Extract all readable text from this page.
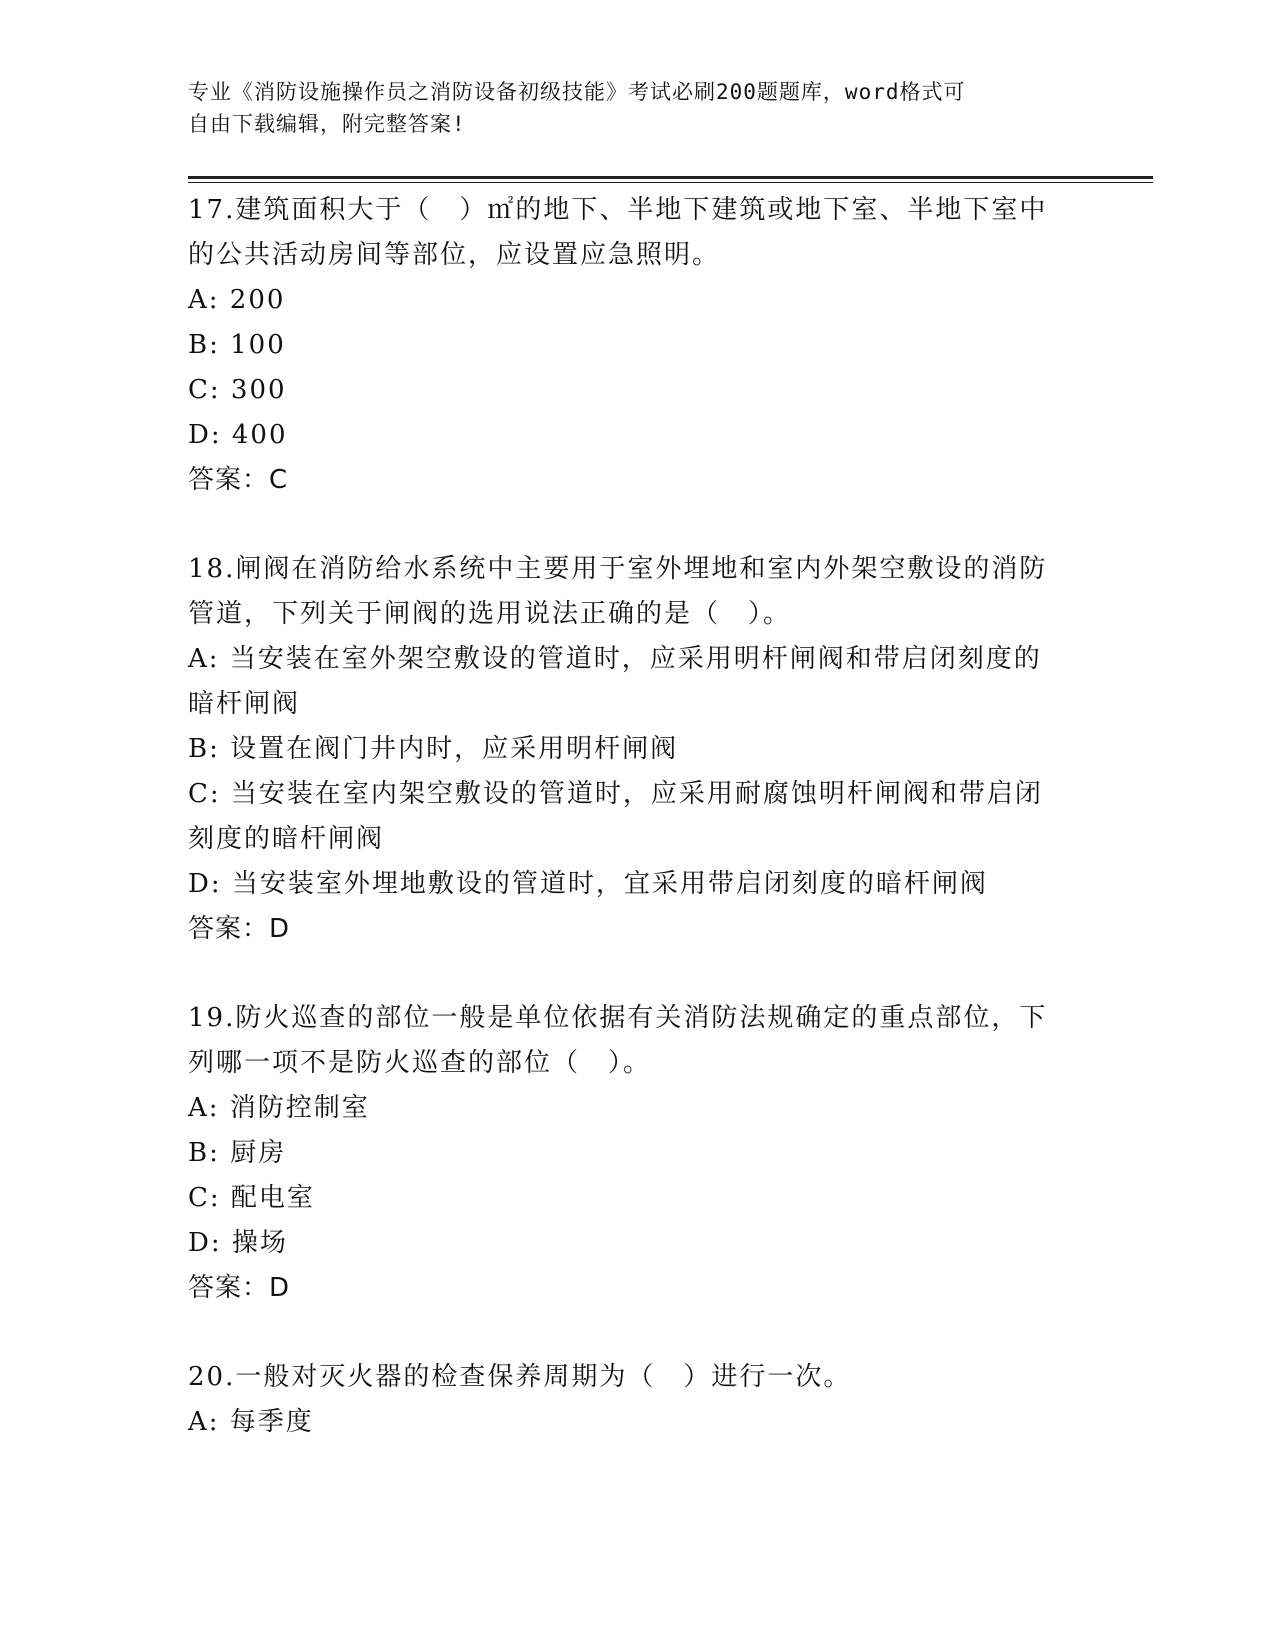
专业《消防设施操作员之消防设备初级技能》考试必刷200题题库，word格式可
自由下载编辑，附完整答案!
17.建筑面积大于（　）㎡的地下、半地下建筑或地下室、半地下室中
的公共活动房间等部位，应设置应急照明。
A: 200
B: 100
C: 300
D: 400
答案：C
18.闸阀在消防给水系统中主要用于室外埋地和室内外架空敷设的消防
管道，下列关于闸阀的选用说法正确的是（　）。
A: 当安装在室外架空敷设的管道时，应采用明杆闸阀和带启闭刻度的
暗杆闸阀
B: 设置在阀门井内时，应采用明杆闸阀
C: 当安装在室内架空敷设的管道时，应采用耐腐蚀明杆闸阀和带启闭
刻度的暗杆闸阀
D: 当安装室外埋地敷设的管道时，宜采用带启闭刻度的暗杆闸阀
答案：D
19.防火巡查的部位一般是单位依据有关消防法规确定的重点部位，下
列哪一项不是防火巡查的部位（　）。
A: 消防控制室
B: 厨房
C: 配电室
D: 操场
答案：D
20.一般对灭火器的检查保养周期为（　）进行一次。
A: 每季度
